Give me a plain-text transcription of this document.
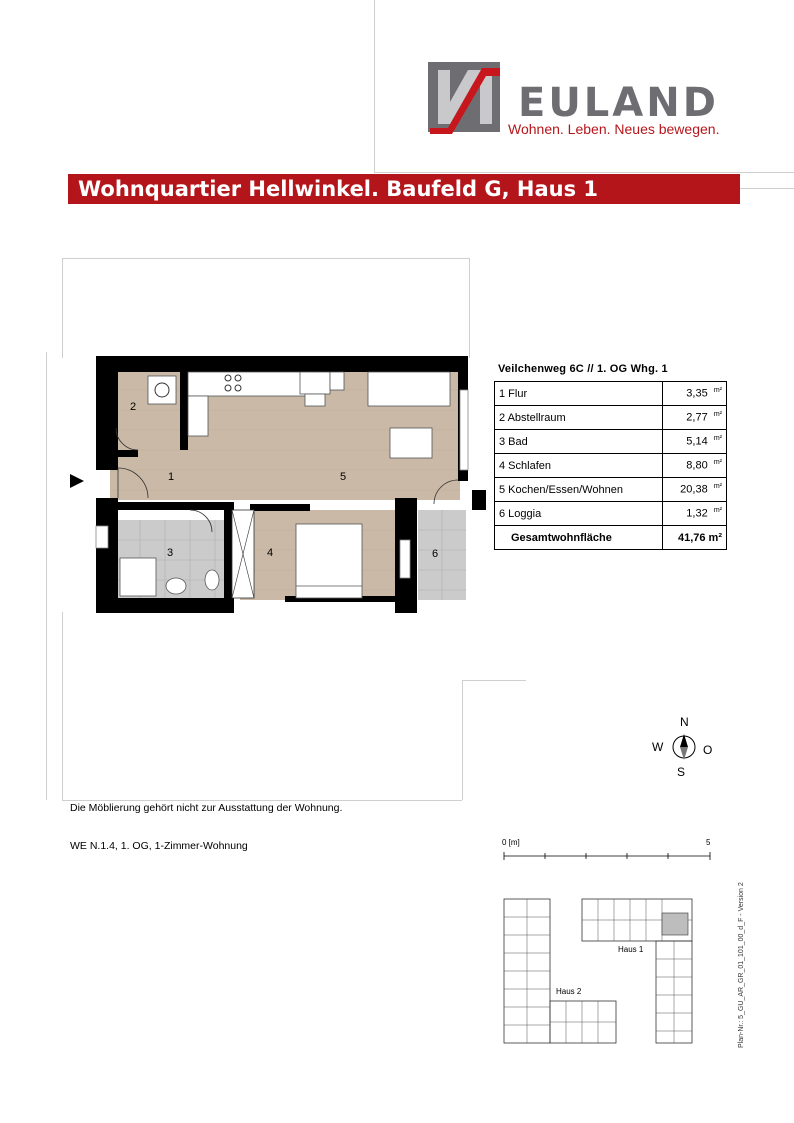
EULAND
Wohnen. Leben. Neues bewegen.
Wohnquartier Hellwinkel. Baufeld G, Haus 1
1
2
3	4
5
6
Veilchenweg 6C // 1. OG Whg. 1
1 Flur	3,35 $^{m^2}$
2 Abstellraum	2,77 $^{m^2}$
3 Bad	5,14 $^{m^2}$
4 Schlafen	8,80 $^{m^2}$
5 Kochen/Essen/Wohnen	20,38 $^{m^2}$
6 Loggia	1,32 $^{m^2}$
Gesamtwohnfläche	41,76 m²
N
W	O
S
Die Möblierung gehört nicht zur Ausstattung der Wohnung.
WE N.1.4, 1. OG, 1-Zimmer-Wohnung	0 [m]	5
Haus 1
Haus 2	Plan-Nr.: 5_GU_AR_GR_01_101_00_d_F - Version 2
